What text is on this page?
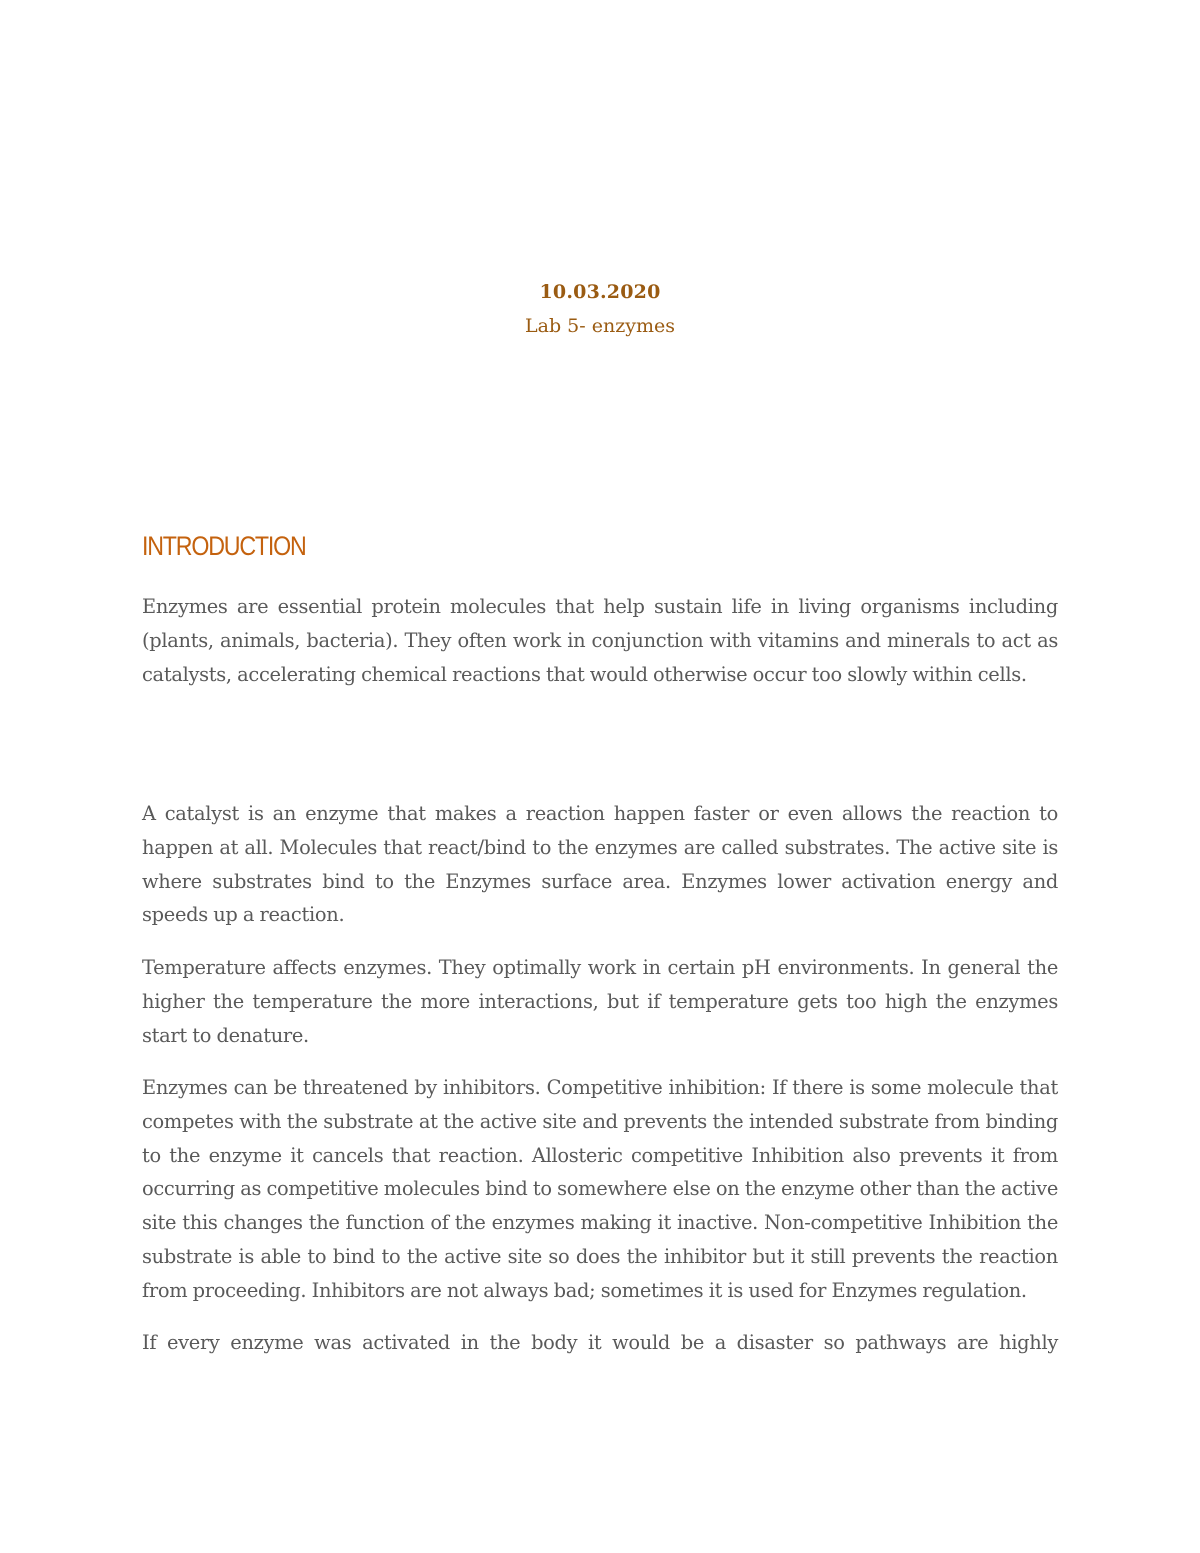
10.03.2020
Lab 5- enzymes
INTRODUCTION

Enzymes are essential protein molecules that help sustain life in living organisms including (plants, animals, bacteria). They often work in conjunction with vitamins and minerals to act as catalysts, accelerating chemical reactions that would otherwise occur too slowly within cells.

A catalyst is an enzyme that makes a reaction happen faster or even allows the reaction to happen at all. Molecules that react/bind to the enzymes are called substrates. The active site is where substrates bind to the Enzymes surface area. Enzymes lower activation energy and speeds up a reaction.

Temperature affects enzymes. They optimally work in certain pH environments. In general the higher the temperature the more interactions, but if temperature gets too high the enzymes start to denature.

Enzymes can be threatened by inhibitors. Competitive inhibition: If there is some molecule that competes with the substrate at the active site and prevents the intended substrate from binding to the enzyme it cancels that reaction. Allosteric competitive Inhibition also prevents it from occurring as competitive molecules bind to somewhere else on the enzyme other than the active site this changes the function of the enzymes making it inactive. Non-competitive Inhibition the substrate is able to bind to the active site so does the inhibitor but it still prevents the reaction from proceeding. Inhibitors are not always bad; sometimes it is used for Enzymes regulation.

If every enzyme was activated in the body it would be a disaster so pathways are highly
